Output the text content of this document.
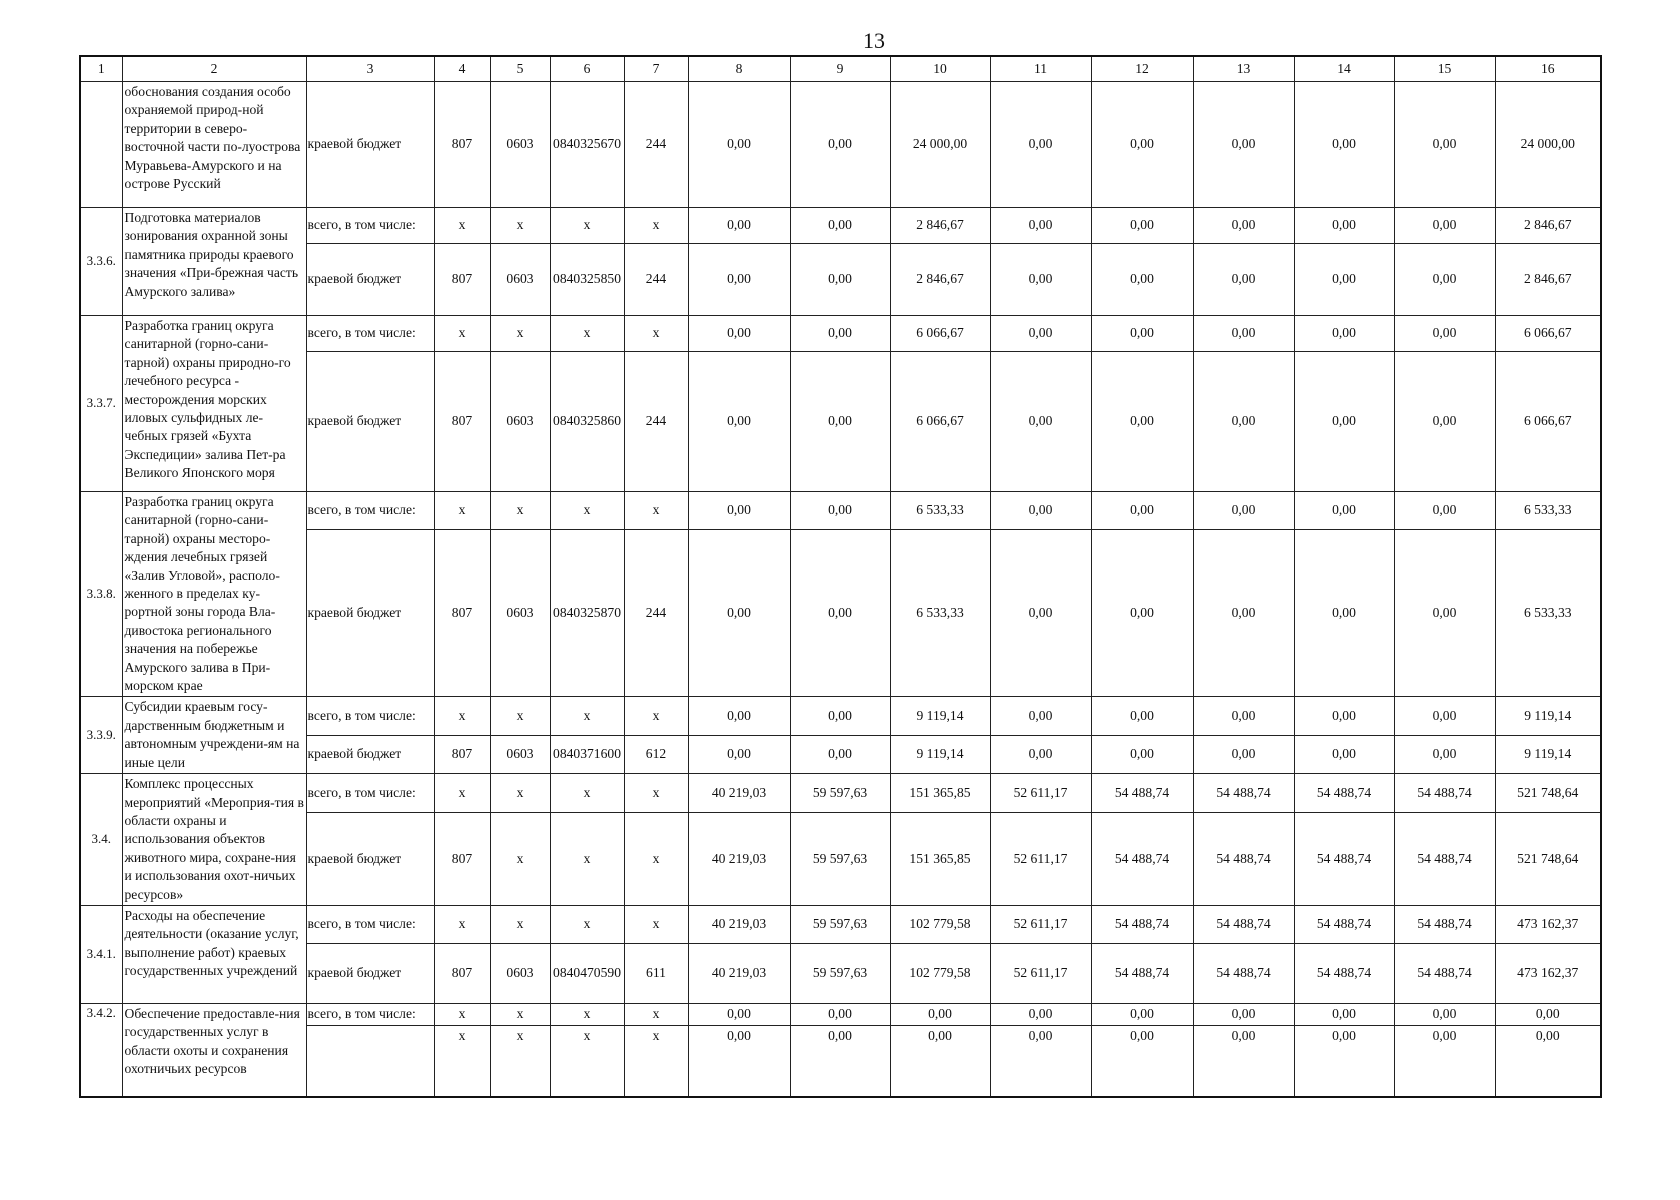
13
1	2	3	4	5	6	7	8	9	10	11	12	13	14	15	16
	обоснования создания особо охраняемой природ-ной территории в северо-восточной части по-луострова Муравьева-Амурского и на острове Русский	краевой бюджет	807	0603	0840325670	244	0,00	0,00	24 000,00	0,00	0,00	0,00	0,00	0,00	24 000,00
3.3.6.	Подготовка материалов зонирования охранной зоны памятника природы краевого значения «При-брежная часть Амурского залива»	всего, в том числе:	х	х	х	х	0,00	0,00	2 846,67	0,00	0,00	0,00	0,00	0,00	2 846,67
		краевой бюджет	807	0603	0840325850	244	0,00	0,00	2 846,67	0,00	0,00	0,00	0,00	0,00	2 846,67
3.3.7.	Разработка границ округа санитарной (горно-сани-тарной) охраны природно-го лечебного ресурса - месторождения морских иловых сульфидных ле-чебных грязей «Бухта Экспедиции» залива Пет-ра Великого Японского моря	всего, в том числе:	х	х	х	х	0,00	0,00	6 066,67	0,00	0,00	0,00	0,00	0,00	6 066,67
		краевой бюджет	807	0603	0840325860	244	0,00	0,00	6 066,67	0,00	0,00	0,00	0,00	0,00	6 066,67
3.3.8.	Разработка границ округа санитарной (горно-сани-тарной) охраны месторо-ждения лечебных грязей «Залив Угловой», располо-женного в пределах ку-рортной зоны города Вла-дивостока регионального значения на побережье Амурского залива в При-морском крае	всего, в том числе:	х	х	х	х	0,00	0,00	6 533,33	0,00	0,00	0,00	0,00	0,00	6 533,33
		краевой бюджет	807	0603	0840325870	244	0,00	0,00	6 533,33	0,00	0,00	0,00	0,00	0,00	6 533,33
3.3.9.	Субсидии краевым госу-дарственным бюджетным и автономным учреждени-ям на иные цели	всего, в том числе:	х	х	х	х	0,00	0,00	9 119,14	0,00	0,00	0,00	0,00	0,00	9 119,14
		краевой бюджет	807	0603	0840371600	612	0,00	0,00	9 119,14	0,00	0,00	0,00	0,00	0,00	9 119,14
3.4.	Комплекс процессных мероприятий «Мероприя-тия в области охраны и использования объектов животного мира, сохране-ния и использования охот-ничьих ресурсов»	всего, в том числе:	х	х	х	х	40 219,03	59 597,63	151 365,85	52 611,17	54 488,74	54 488,74	54 488,74	54 488,74	521 748,64
		краевой бюджет	807	х	х	х	40 219,03	59 597,63	151 365,85	52 611,17	54 488,74	54 488,74	54 488,74	54 488,74	521 748,64
3.4.1.	Расходы на обеспечение деятельности (оказание услуг, выполнение работ) краевых государственных учреждений	всего, в том числе:	х	х	х	х	40 219,03	59 597,63	102 779,58	52 611,17	54 488,74	54 488,74	54 488,74	54 488,74	473 162,37
		краевой бюджет	807	0603	0840470590	611	40 219,03	59 597,63	102 779,58	52 611,17	54 488,74	54 488,74	54 488,74	54 488,74	473 162,37
3.4.2.	Обеспечение предоставле-ния государственных услуг в области охоты и сохранения охотничьих ресурсов	всего, в том числе:	х	х	х	х	0,00	0,00	0,00	0,00	0,00	0,00	0,00	0,00	0,00
			х	х	х	х	0,00	0,00	0,00	0,00	0,00	0,00	0,00	0,00	0,00
